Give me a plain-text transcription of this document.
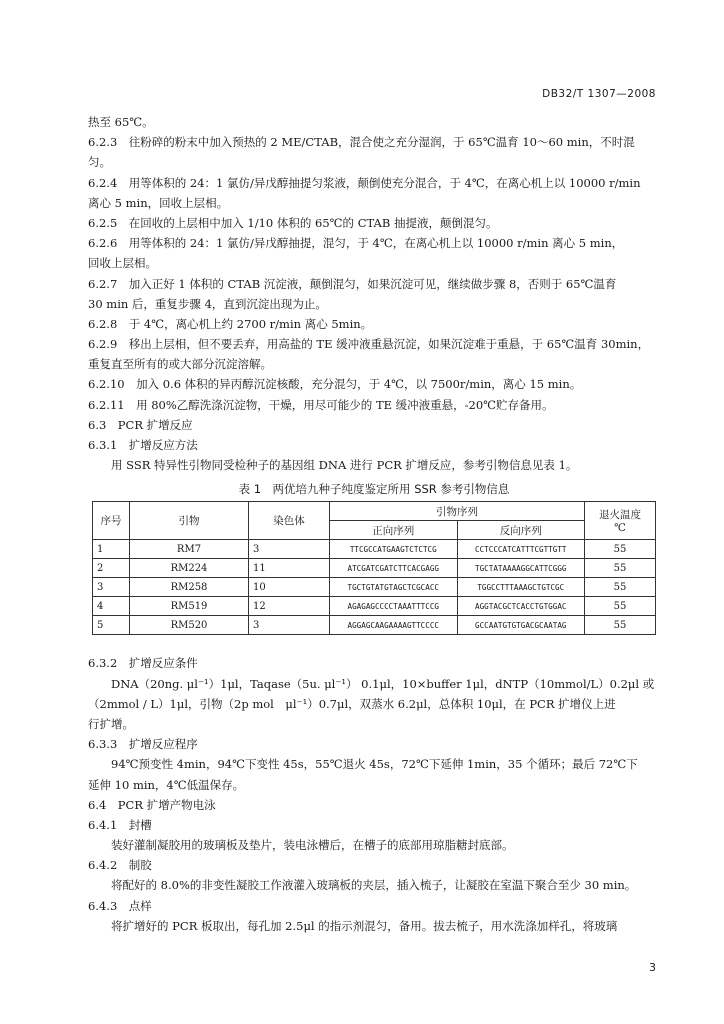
DB32/T 1307—2008
热至 65℃。
6.2.3　往粉碎的粉末中加入预热的 2 ME/CTAB，混合使之充分湿润，于 65℃温育 10～60 min，不时混
匀。
6.2.4　用等体积的 24：1 氯仿/异戊醇抽提匀浆液，颠倒使充分混合，于 4℃，在离心机上以 10000 r/min
离心 5 min，回收上层相。
6.2.5　在回收的上层相中加入 1/10 体积的 65℃的 CTAB 抽提液，颠倒混匀。
6.2.6　用等体积的 24：1 氯仿/异戊醇抽提，混匀，于 4℃，在离心机上以 10000 r/min 离心 5 min，
回收上层相。
6.2.7　加入正好 1 体积的 CTAB 沉淀液，颠倒混匀，如果沉淀可见，继续做步骤 8，否则于 65℃温育
30 min 后，重复步骤 4，直到沉淀出现为止。
6.2.8　于 4℃，离心机上约 2700 r/min 离心 5min。
6.2.9　移出上层相，但不要丢弃，用高盐的 TE 缓冲液重悬沉淀，如果沉淀难于重悬，于 65℃温育 30min，
重复直至所有的或大部分沉淀溶解。
6.2.10　加入 0.6 体积的异丙醇沉淀核酸，充分混匀，于 4℃，以 7500r/min，离心 15 min。
6.2.11　用 80%乙醇洗涤沉淀物，干燥，用尽可能少的 TE 缓冲液重悬，-20℃贮存备用。
6.3　PCR 扩增反应
6.3.1　扩增反应方法
　　用 SSR 特异性引物同受检种子的基因组 DNA 进行 PCR 扩增反应，参考引物信息见表 1。
表 1　两优培九种子纯度鉴定所用 SSR 参考引物信息
序号	引物	染色体	引物序列		退火温度
℃

			正向序列	反向序列	
1	RM7	3	TTCGCCATGAAGTCTCTCG	CCTCCCATCATTTCGTTGTT	55
2	RM224	11	ATCGATCGATCTTCACGAGG	TGCTATAAAAGGCATTCGGG	55
3	RM258	10	TGCTGTATGTAGCTCGCACC	TGGCCTTTAAAGCTGTCGC	55
4	RM519	12	AGAGAGCCCCTAAATTTCCG	AGGTACGCTCACCTGTGGAC	55
5	RM520	3	AGGAGCAAGAAAAGTTCCCC	GCCAATGTGTGACGCAATAG	55
6.3.2　扩增反应条件
　　DNA（20ng. μl⁻¹）1μl，Taqase（5u. μl⁻¹） 0.1μl，10×buffer 1μl，dNTP（10mmol/L）0.2μl 或
（2mmol / L）1μl，引物（2p mol　μl⁻¹）0.7μl，双蒸水 6.2μl，总体积 10μl，在 PCR 扩增仪上进
行扩增。
6.3.3　扩增反应程序
　　94℃预变性 4min，94℃下变性 45s，55℃退火 45s，72℃下延伸 1min，35 个循环；最后 72℃下
延伸 10 min，4℃低温保存。
6.4　PCR 扩增产物电泳
6.4.1　封槽
　　装好灌制凝胶用的玻璃板及垫片，装电泳槽后，在槽子的底部用琼脂糖封底部。
6.4.2　制胶
　　将配好的 8.0%的非变性凝胶工作液灌入玻璃板的夹层，插入梳子，让凝胶在室温下聚合至少 30 min。
6.4.3　点样
　　将扩增好的 PCR 板取出，每孔加 2.5μl 的指示剂混匀，备用。拔去梳子，用水洗涤加样孔，将玻璃
3
